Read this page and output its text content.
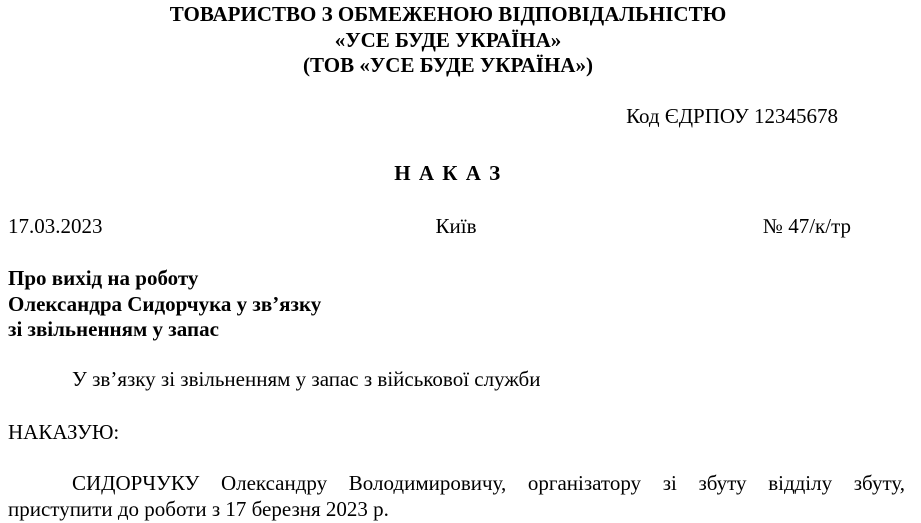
ТОВАРИСТВО З ОБМЕЖЕНОЮ ВІДПОВІДАЛЬНІСТЮ
«УСЕ БУДЕ УКРАЇНА»
(ТОВ «УСЕ БУДЕ УКРАЇНА»)
Код ЄДРПОУ 12345678
Н А К А З
17.03.2023	Київ	№ 47/к/тр
Про вихід на роботу
Олександра Сидорчука у зв’язку
зі звільненням у запас
У зв’язку зі звільненням у запас з військової служби
НАКАЗУЮ:
СИДОРЧУКУ Олександру Володимировичу, організатору зі збуту відділу збуту,
приступити до роботи з 17 березня 2023 р.
